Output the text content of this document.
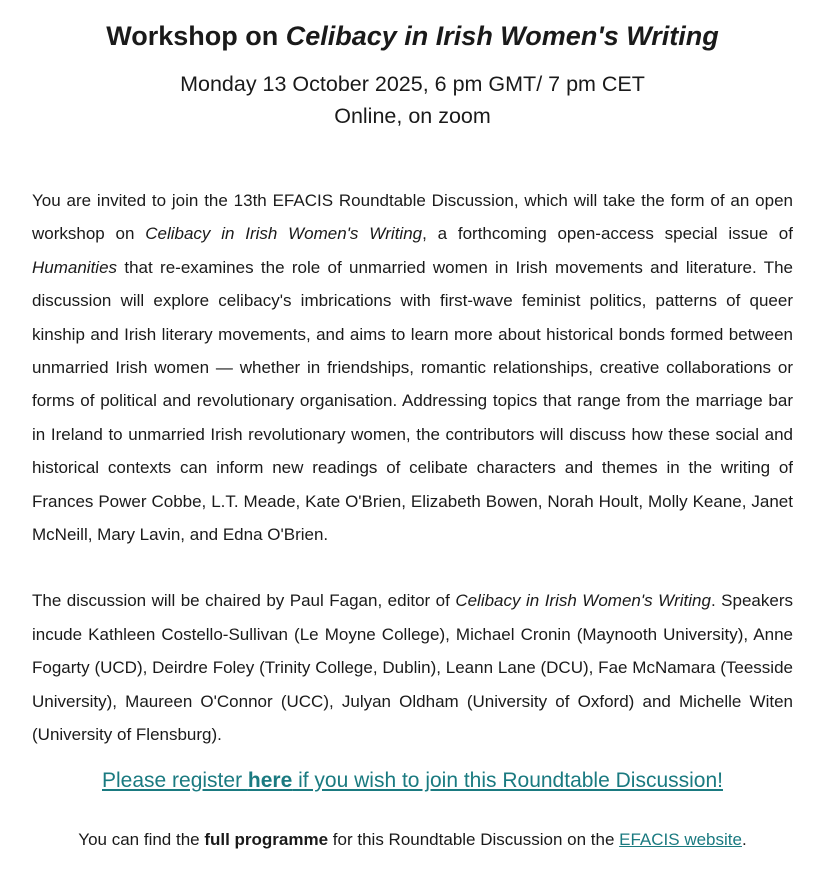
Workshop on Celibacy in Irish Women's Writing

Monday 13 October 2025, 6 pm GMT/ 7 pm CET

Online, on zoom

You are invited to join the 13th EFACIS Roundtable Discussion, which will take the form of an open workshop on Celibacy in Irish Women's Writing, a forthcoming open-access special issue of Humanities that re-examines the role of unmarried women in Irish movements and literature. The discussion will explore celibacy's imbrications with first-wave feminist politics, patterns of queer kinship and Irish literary movements, and aims to learn more about historical bonds formed between unmarried Irish women — whether in friendships, romantic relationships, creative collaborations or forms of political and revolutionary organisation. Addressing topics that range from the marriage bar in Ireland to unmarried Irish revolutionary women, the contributors will discuss how these social and historical contexts can inform new readings of celibate characters and themes in the writing of Frances Power Cobbe, L.T. Meade, Kate O'Brien, Elizabeth Bowen, Norah Hoult, Molly Keane, Janet McNeill, Mary Lavin, and Edna O'Brien.

The discussion will be chaired by Paul Fagan, editor of Celibacy in Irish Women's Writing. Speakers incude Kathleen Costello-Sullivan (Le Moyne College), Michael Cronin (Maynooth University), Anne Fogarty (UCD), Deirdre Foley (Trinity College, Dublin), Leann Lane (DCU), Fae McNamara (Teesside University), Maureen O'Connor (UCC), Julyan Oldham (University of Oxford) and Michelle Witen (University of Flensburg).

Please register here if you wish to join this Roundtable Discussion!

You can find the full programme for this Roundtable Discussion on the EFACIS website.
